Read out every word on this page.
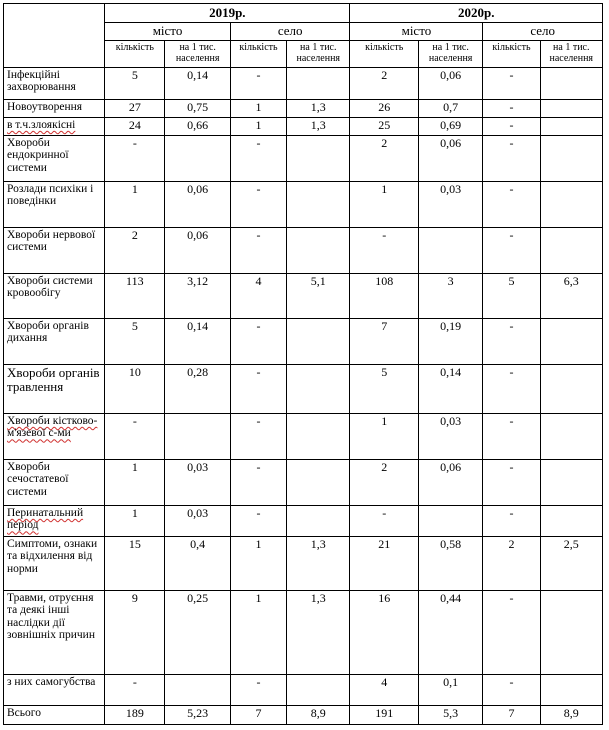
	2019р.				2020р.			
	місто		село		місто		село	
	кількість	на 1 тис. населення	кількість	на 1 тис. населення	кількість	на 1 тис. населення	кількість	на 1 тис. населення
Інфекційні захворювання	5	0,14	-		2	0,06	-	
Новоутворення	27	0,75	1	1,3	26	0,7	-	
в т.ч.злоякісні	24	0,66	1	1,3	25	0,69	-	
Хвороби ендокринної системи	-		-		2	0,06	-	
Розлади психіки і поведінки	1	0,06	-		1	0,03	-	
Хвороби нервової системи	2	0,06	-		-		-	
Хвороби системи кровообігу	113	3,12	4	5,1	108	3	5	6,3
Хвороби органів дихання	5	0,14	-		7	0,19	-	
Хвороби органів травлення	10	0,28	-		5	0,14	-	
Хвороби кістково-м'язевої с-ми	-		-		1	0,03	-	
Хвороби сечостатевої системи	1	0,03	-		2	0,06	-	
Перинатальний період	1	0,03	-		-		-	
Симптоми, ознаки та відхилення від норми	15	0,4	1	1,3	21	0,58	2	2,5
Травми, отруєння та деякі інші наслідки дії зовнішніх причин	9	0,25	1	1,3	16	0,44	-	
з них самогубства	-		-		4	0,1	-	
Всього	189	5,23	7	8,9	191	5,3	7	8,9
